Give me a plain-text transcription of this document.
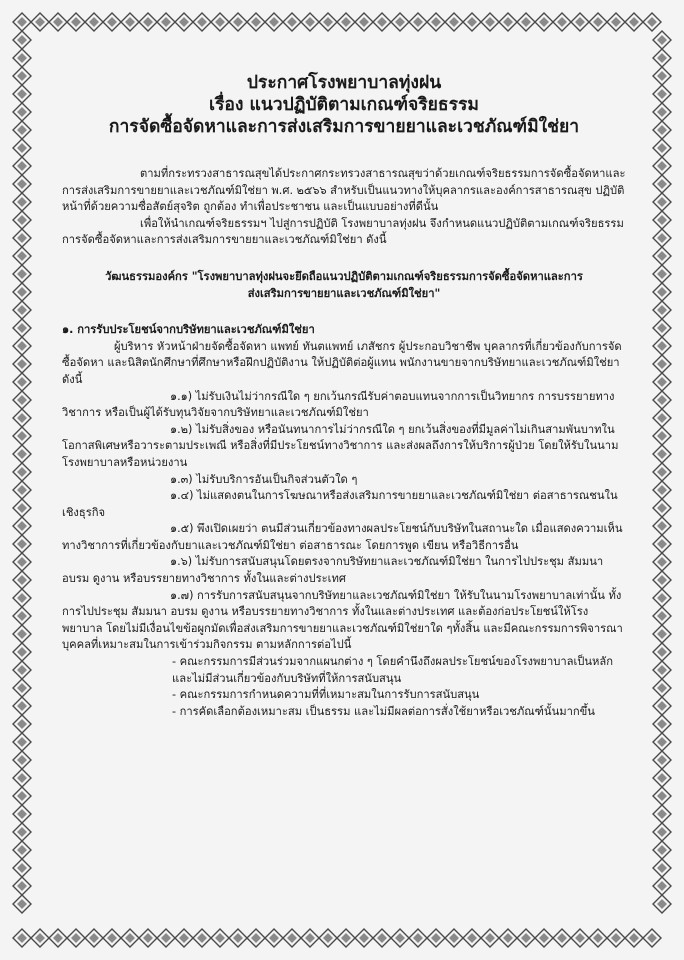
ประกาศโรงพยาบาลทุ่งฝน
เรื่อง แนวปฏิบัติตามเกณฑ์จริยธรรม
การจัดซื้อจัดหาและการส่งเสริมการขายยาและเวชภัณฑ์มิใช่ยา

ตามที่กระทรวงสาธารณสุขได้ประกาศกระทรวงสาธารณสุขว่าด้วยเกณฑ์จริยธรรมการจัดซื้อจัดหาและการส่งเสริมการขายยาและเวชภัณฑ์มิใช่ยา พ.ศ. ๒๕๖๖ สำหรับเป็นแนวทางให้บุคลากรและองค์การสาธารณสุข ปฏิบัติหน้าที่ด้วยความซื่อสัตย์สุจริต ถูกต้อง ทำเพื่อประชาชน และเป็นแบบอย่างที่ดีนั้น

เพื่อให้นำเกณฑ์จริยธรรมฯ ไปสู่การปฏิบัติ โรงพยาบาลทุ่งฝน จึงกำหนดแนวปฏิบัติตามเกณฑ์จริยธรรมการจัดซื้อจัดหาและการส่งเสริมการขายยาและเวชภัณฑ์มิใช่ยา ดังนี้

วัฒนธรรมองค์กร "โรงพยาบาลทุ่งฝนจะยึดถือแนวปฏิบัติตามเกณฑ์จริยธรรมการจัดซื้อจัดหาและการ
ส่งเสริมการขายยาและเวชภัณฑ์มิใช่ยา"

๑. การรับประโยชน์จากบริษัทยาและเวชภัณฑ์มิใช่ยา

ผู้บริหาร หัวหน้าฝ่ายจัดซื้อจัดหา แพทย์ ทันตแพทย์ เภสัชกร ผู้ประกอบวิชาชีพ บุคลากรที่เกี่ยวข้องกับการจัดซื้อจัดหา และนิสิตนักศึกษาที่ศึกษาหรือฝึกปฏิบัติงาน ให้ปฏิบัติต่อผู้แทน พนักงานขายจากบริษัทยาและเวชภัณฑ์มิใช่ยา ดังนี้

๑.๑) ไม่รับเงินไม่ว่ากรณีใด ๆ ยกเว้นกรณีรับค่าตอบแทนจากการเป็นวิทยากร การบรรยายทางวิชาการ หรือเป็นผู้ได้รับทุนวิจัยจากบริษัทยาและเวชภัณฑ์มิใช่ยา

๑.๒) ไม่รับสิ่งของ หรือนันทนาการไม่ว่ากรณีใด ๆ ยกเว้นสิ่งของที่มีมูลค่าไม่เกินสามพันบาทในโอกาสพิเศษหรือวาระตามประเพณี หรือสิ่งที่มีประโยชน์ทางวิชาการ และส่งผลถึงการให้บริการผู้ป่วย โดยให้รับในนามโรงพยาบาลหรือหน่วยงาน

๑.๓) ไม่รับบริการอันเป็นกิจส่วนตัวใด ๆ

๑.๔) ไม่แสดงตนในการโฆษณาหรือส่งเสริมการขายยาและเวชภัณฑ์มิใช่ยา ต่อสาธารณชนในเชิงธุรกิจ

๑.๕) พึงเปิดเผยว่า ตนมีส่วนเกี่ยวข้องทางผลประโยชน์กับบริษัทในสถานะใด เมื่อแสดงความเห็นทางวิชาการที่เกี่ยวข้องกับยาและเวชภัณฑ์มิใช่ยา ต่อสาธารณะ โดยการพูด เขียน หรือวิธีการอื่น

๑.๖) ไม่รับการสนับสนุนโดยตรงจากบริษัทยาและเวชภัณฑ์มิใช่ยา ในการไปประชุม สัมมนา อบรม ดูงาน หรือบรรยายทางวิชาการ ทั้งในและต่างประเทศ

๑.๗) การรับการสนับสนุนจากบริษัทยาและเวชภัณฑ์มิใช่ยา ให้รับในนามโรงพยาบาลเท่านั้น ทั้งการไปประชุม สัมมนา อบรม ดูงาน หรือบรรยายทางวิชาการ ทั้งในและต่างประเทศ และต้องก่อประโยชน์ให้โรงพยาบาล โดยไม่มีเงื่อนไขข้อผูกมัดเพื่อส่งเสริมการขายยาและเวชภัณฑ์มิใช่ยาใด ๆทั้งสิ้น และมีคณะกรรมการพิจารณาบุคคลที่เหมาะสมในการเข้าร่วมกิจกรรม ตามหลักการต่อไปนี้

- คณะกรรมการมีส่วนร่วมจากแผนกต่าง ๆ โดยคำนึงถึงผลประโยชน์ของโรงพยาบาลเป็นหลัก และไม่มีส่วนเกี่ยวข้องกับบริษัทที่ให้การสนับสนุน

- คณะกรรมการกำหนดความที่ที่เหมาะสมในการรับการสนับสนุน

- การคัดเลือกต้องเหมาะสม เป็นธรรม และไม่มีผลต่อการสั่งใช้ยาหรือเวชภัณฑ์นั้นมากขึ้น
